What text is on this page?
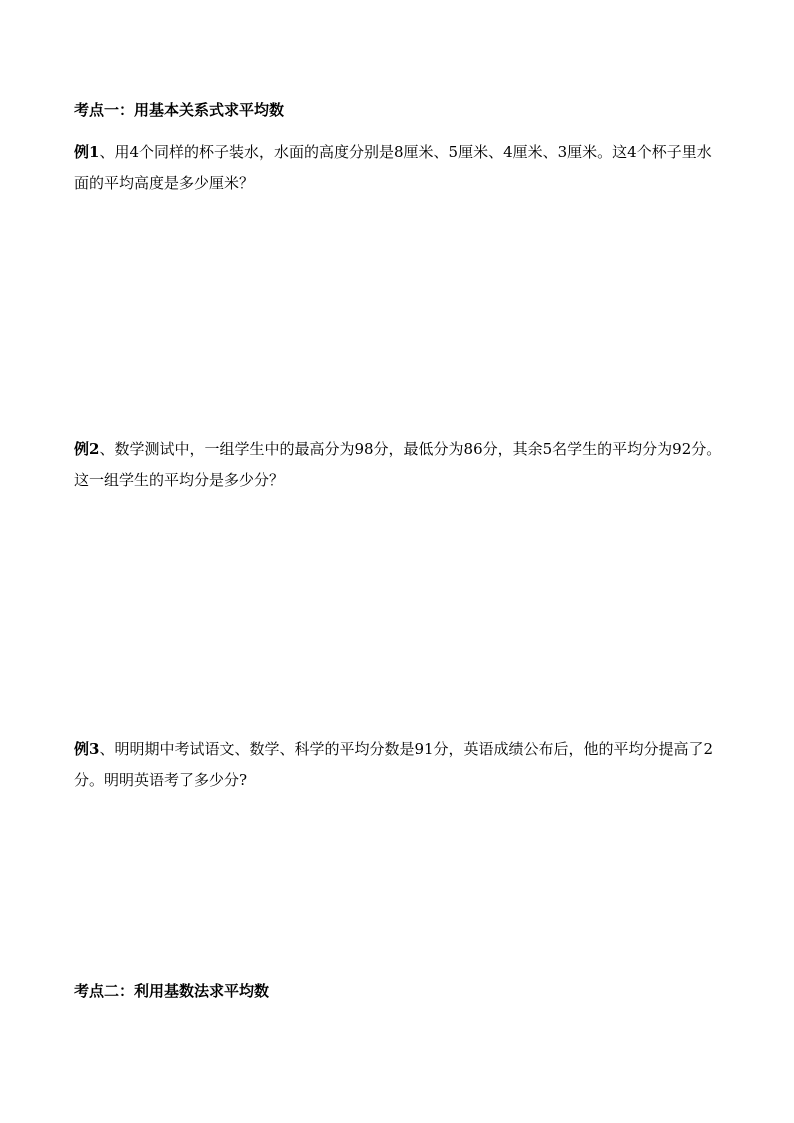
考点一：用基本关系式求平均数
例1、用4个同样的杯子装水，水面的高度分别是8厘米、5厘米、4厘米、3厘米。这4个杯子里水面的平均高度是多少厘米？
例2、数学测试中，一组学生中的最高分为98分，最低分为86分，其余5名学生的平均分为92分。这一组学生的平均分是多少分？
例3、明明期中考试语文、数学、科学的平均分数是91分，英语成绩公布后，他的平均分提高了2分。明明英语考了多少分?
考点二：利用基数法求平均数
